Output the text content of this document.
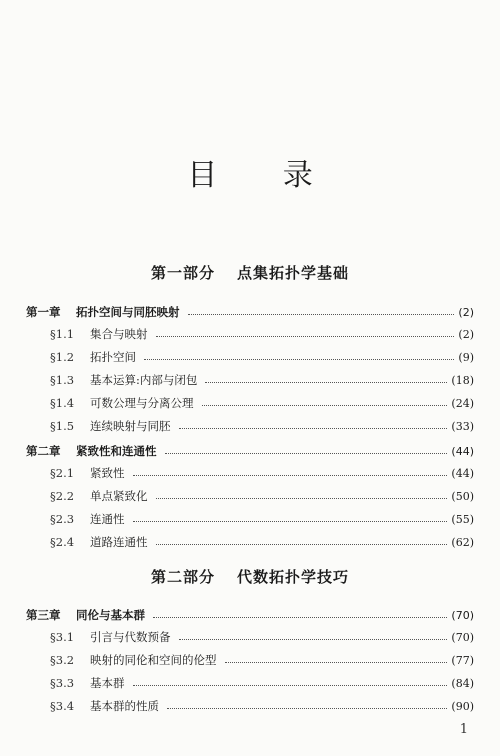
目 录
第一部分 点集拓扑学基础
第一章	拓扑空间与同胚映射	(2)
§1.1	集合与映射	(2)
§1.2	拓扑空间	(9)
§1.3	基本运算:内部与闭包	(18)
§1.4	可数公理与分离公理	(24)
§1.5	连续映射与同胚	(33)
第二章	紧致性和连通性	(44)
§2.1	紧致性	(44)
§2.2	单点紧致化	(50)
§2.3	连通性	(55)
§2.4	道路连通性	(62)
第二部分 代数拓扑学技巧
第三章	同伦与基本群	(70)
§3.1	引言与代数预备	(70)
§3.2	映射的同伦和空间的伦型	(77)
§3.3	基本群	(84)
§3.4	基本群的性质	(90)
1
